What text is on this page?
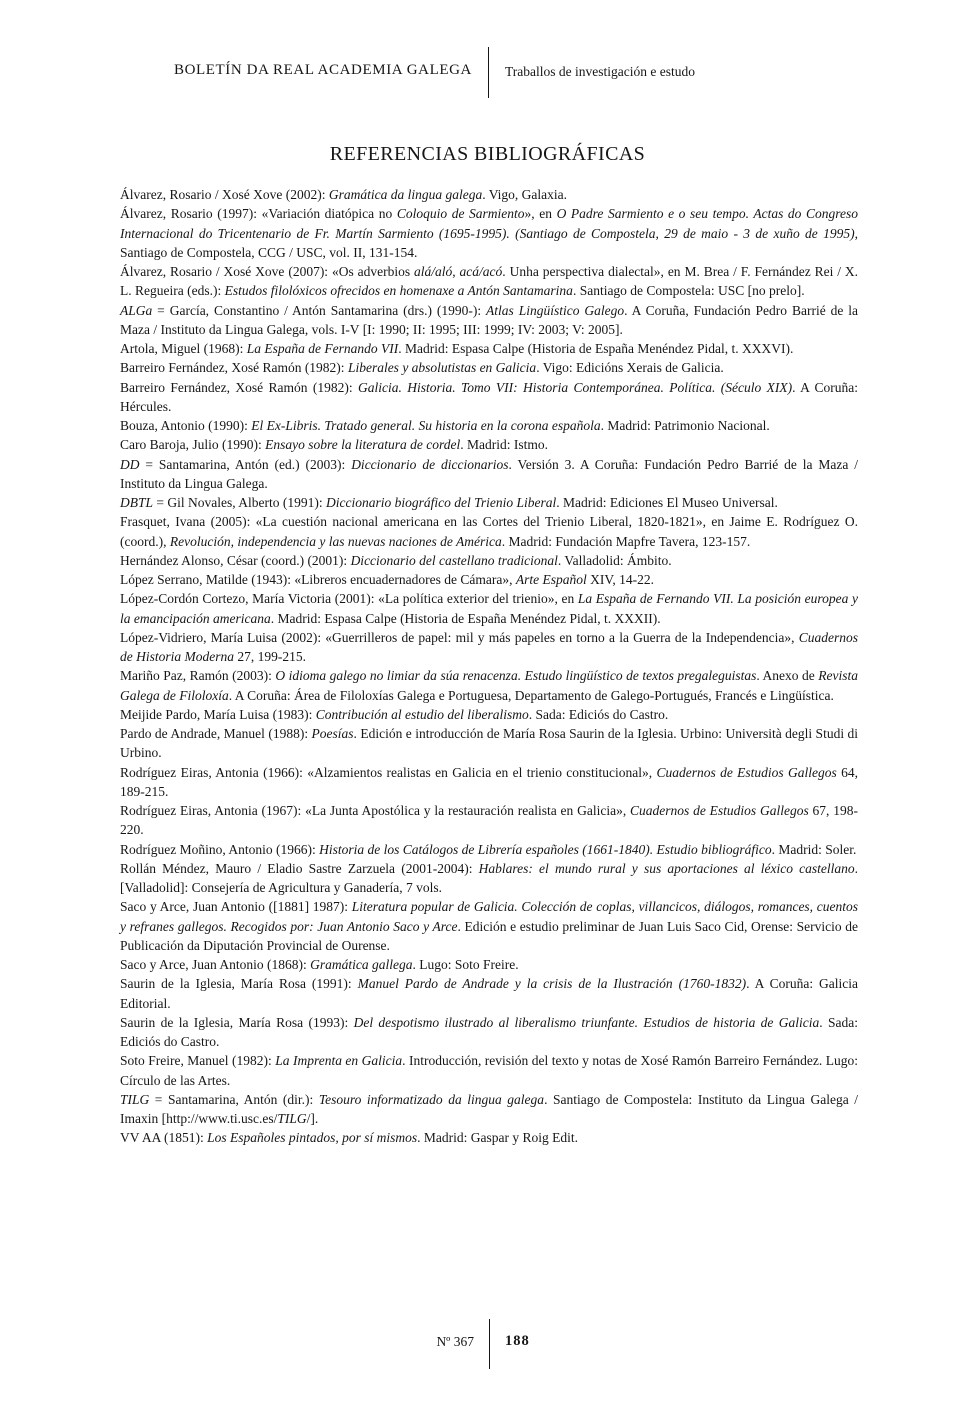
BOLETÍN DA REAL ACADEMIA GALEGA Traballos de investigación e estudo
REFERENCIAS BIBLIOGRÁFICAS

Álvarez, Rosario / Xosé Xove (2002): Gramática da lingua galega. Vigo, Galaxia.

Álvarez, Rosario (1997): «Variación diatópica no Coloquio de Sarmiento», en O Padre Sarmiento e o seu tempo. Actas do Congreso Internacional do Tricentenario de Fr. Martín Sarmiento (1695-1995). (Santiago de Compostela, 29 de maio - 3 de xuño de 1995), Santiago de Compostela, CCG / USC, vol. II, 131-154.

Álvarez, Rosario / Xosé Xove (2007): «Os adverbios alá/aló, acá/acó. Unha perspectiva dialectal», en M. Brea / F. Fernández Rei / X. L. Regueira (eds.): Estudos filolóxicos ofrecidos en homenaxe a Antón Santamarina. Santiago de Compostela: USC [no prelo].

ALGa = García, Constantino / Antón Santamarina (drs.) (1990-): Atlas Lingüístico Galego. A Coruña, Fundación Pedro Barrié de la Maza / Instituto da Lingua Galega, vols. I-V [I: 1990; II: 1995; III: 1999; IV: 2003; V: 2005].

Artola, Miguel (1968): La España de Fernando VII. Madrid: Espasa Calpe (Historia de España Menéndez Pidal, t. XXXVI).

Barreiro Fernández, Xosé Ramón (1982): Liberales y absolutistas en Galicia. Vigo: Edicións Xerais de Galicia.

Barreiro Fernández, Xosé Ramón (1982): Galicia. Historia. Tomo VII: Historia Contemporánea. Política. (Século XIX). A Coruña: Hércules.

Bouza, Antonio (1990): El Ex-Libris. Tratado general. Su historia en la corona española. Madrid: Patrimonio Nacional.

Caro Baroja, Julio (1990): Ensayo sobre la literatura de cordel. Madrid: Istmo.

DD = Santamarina, Antón (ed.) (2003): Diccionario de diccionarios. Versión 3. A Coruña: Fundación Pedro Barrié de la Maza / Instituto da Lingua Galega.

DBTL = Gil Novales, Alberto (1991): Diccionario biográfico del Trienio Liberal. Madrid: Ediciones El Museo Universal.

Frasquet, Ivana (2005): «La cuestión nacional americana en las Cortes del Trienio Liberal, 1820-1821», en Jaime E. Rodríguez O. (coord.), Revolución, independencia y las nuevas naciones de América. Madrid: Fundación Mapfre Tavera, 123-157.

Hernández Alonso, César (coord.) (2001): Diccionario del castellano tradicional. Valladolid: Ámbito.

López Serrano, Matilde (1943): «Libreros encuadernadores de Cámara», Arte Español XIV, 14-22.

López-Cordón Cortezo, María Victoria (2001): «La política exterior del trienio», en La España de Fernando VII. La posición europea y la emancipación americana. Madrid: Espasa Calpe (Historia de España Menéndez Pidal, t. XXXII).

López-Vidriero, María Luisa (2002): «Guerrilleros de papel: mil y más papeles en torno a la Guerra de la Independencia», Cuadernos de Historia Moderna 27, 199-215.

Mariño Paz, Ramón (2003): O idioma galego no limiar da súa renacenza. Estudo lingüístico de textos pregaleguistas. Anexo de Revista Galega de Filoloxía. A Coruña: Área de Filoloxías Galega e Portuguesa, Departamento de Galego-Portugués, Francés e Lingüística.

Meijide Pardo, María Luisa (1983): Contribución al estudio del liberalismo. Sada: Ediciós do Castro.

Pardo de Andrade, Manuel (1988): Poesías. Edición e introducción de María Rosa Saurin de la Iglesia. Urbino: Università degli Studi di Urbino.

Rodríguez Eiras, Antonia (1966): «Alzamientos realistas en Galicia en el trienio constitucional», Cuadernos de Estudios Gallegos 64, 189-215.

Rodríguez Eiras, Antonia (1967): «La Junta Apostólica y la restauración realista en Galicia», Cuadernos de Estudios Gallegos 67, 198-220.

Rodríguez Moñino, Antonio (1966): Historia de los Catálogos de Librería españoles (1661-1840). Estudio bibliográfico. Madrid: Soler.

Rollán Méndez, Mauro / Eladio Sastre Zarzuela (2001-2004): Hablares: el mundo rural y sus aportaciones al léxico castellano. [Valladolid]: Consejería de Agricultura y Ganadería, 7 vols.

Saco y Arce, Juan Antonio ([1881] 1987): Literatura popular de Galicia. Colección de coplas, villancicos, diálogos, romances, cuentos y refranes gallegos. Recogidos por: Juan Antonio Saco y Arce. Edición e estudio preliminar de Juan Luis Saco Cid, Orense: Servicio de Publicación da Diputación Provincial de Ourense.

Saco y Arce, Juan Antonio (1868): Gramática gallega. Lugo: Soto Freire.

Saurin de la Iglesia, María Rosa (1991): Manuel Pardo de Andrade y la crisis de la Ilustración (1760-1832). A Coruña: Galicia Editorial.

Saurin de la Iglesia, María Rosa (1993): Del despotismo ilustrado al liberalismo triunfante. Estudios de historia de Galicia. Sada: Ediciós do Castro.

Soto Freire, Manuel (1982): La Imprenta en Galicia. Introducción, revisión del texto y notas de Xosé Ramón Barreiro Fernández. Lugo: Círculo de las Artes.

TILG = Santamarina, Antón (dir.): Tesouro informatizado da lingua galega. Santiago de Compostela: Instituto da Lingua Galega / Imaxin [http://www.ti.usc.es/TILG/].

VV AA (1851): Los Españoles pintados, por sí mismos. Madrid: Gaspar y Roig Edit.

Nº 367 188
